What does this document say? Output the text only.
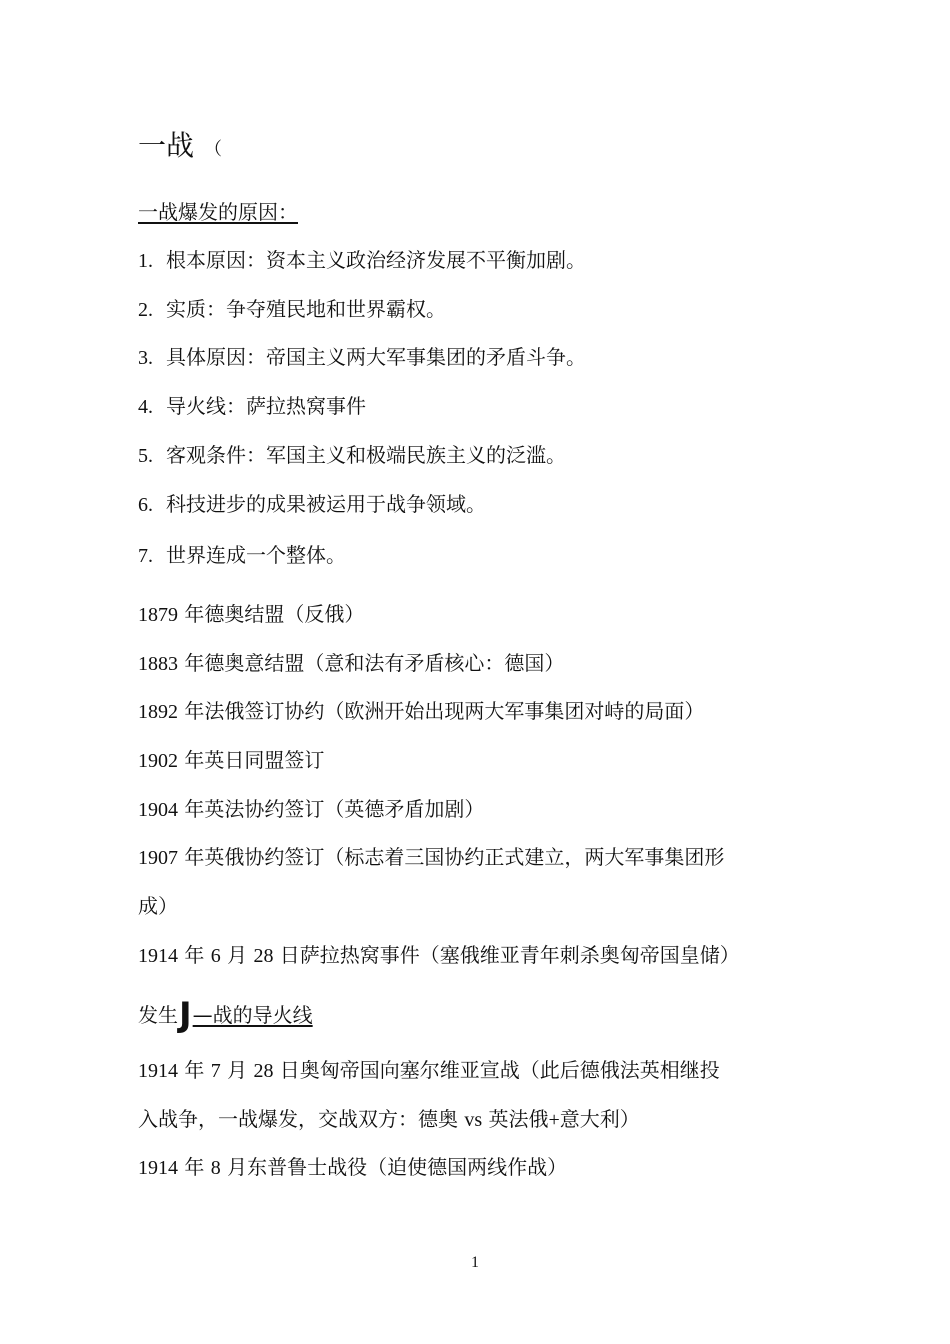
一战 （
一战爆发的原因：
1. 根本原因：资本主义政治经济发展不平衡加剧。
2. 实质：争夺殖民地和世界霸权。
3. 具体原因：帝国主义两大军事集团的矛盾斗争。
4. 导火线：萨拉热窝事件
5. 客观条件：军国主义和极端民族主义的泛滥。
6. 科技进步的成果被运用于战争领域。
7. 世界连成一个整体。
1879 年德奥结盟（反俄）
1883 年德奥意结盟（意和法有矛盾核心：德国）
1892 年法俄签订协约（欧洲开始出现两大军事集团对峙的局面）
1902 年英日同盟签订
1904 年英法协约签订（英德矛盾加剧）
1907 年英俄协约签订（标志着三国协约正式建立，两大军事集团形
成）
1914 年 6 月 28 日萨拉热窝事件（塞俄维亚青年刺杀奥匈帝国皇储）
发生J—战的导火线
1914 年 7 月 28 日奥匈帝国向塞尔维亚宣战（此后德俄法英相继投
入战争，一战爆发，交战双方：德奥 vs 英法俄+意大利）
1914 年 8 月东普鲁士战役（迫使德国两线作战）
1
